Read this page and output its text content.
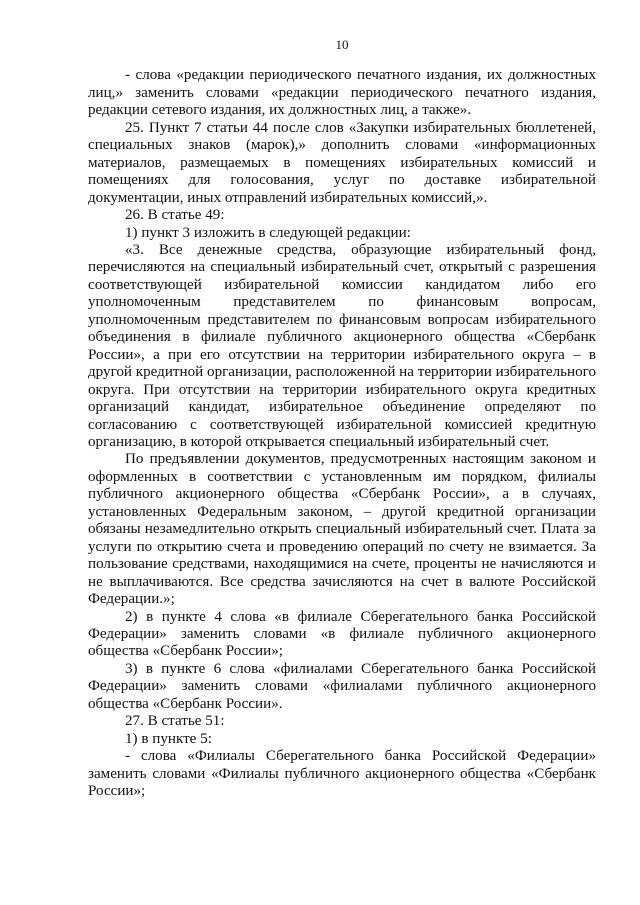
10

- слова «редакции периодического печатного издания, их должностных лиц,» заменить словами «редакции периодического печатного издания, редакции сетевого издания, их должностных лиц, а также».

25. Пункт 7 статьи 44 после слов «Закупки избирательных бюллетеней, специальных знаков (марок),» дополнить словами «информационных материалов, размещаемых в помещениях избирательных комиссий и помещениях для голосования, услуг по доставке избирательной документации, иных отправлений избирательных комиссий,».

26. В статье 49:

1) пункт 3 изложить в следующей редакции:

«3. Все денежные средства, образующие избирательный фонд, перечисляются на специальный избирательный счет, открытый с разрешения соответствующей избирательной комиссии кандидатом либо его уполномоченным представителем по финансовым вопросам, уполномоченным представителем по финансовым вопросам избирательного объединения в филиале публичного акционерного общества «Сбербанк России», а при его отсутствии на территории избирательного округа – в другой кредитной организации, расположенной на территории избирательного округа. При отсутствии на территории избирательного округа кредитных организаций кандидат, избирательное объединение определяют по согласованию с соответствующей избирательной комиссией кредитную организацию, в которой открывается специальный избирательный счет.

По предъявлении документов, предусмотренных настоящим законом и оформленных в соответствии с установленным им порядком, филиалы публичного акционерного общества «Сбербанк России», а в случаях, установленных Федеральным законом, – другой кредитной организации обязаны незамедлительно открыть специальный избирательный счет. Плата за услуги по открытию счета и проведению операций по счету не взимается. За пользование средствами, находящимися на счете, проценты не начисляются и не выплачиваются. Все средства зачисляются на счет в валюте Российской Федерации.»;

2) в пункте 4 слова «в филиале Сберегательного банка Российской Федерации» заменить словами «в филиале публичного акционерного общества «Сбербанк России»;

3) в пункте 6 слова «филиалами Сберегательного банка Российской Федерации» заменить словами «филиалами публичного акционерного общества «Сбербанк России».

27. В статье 51:

1) в пункте 5:

- слова «Филиалы Сберегательного банка Российской Федерации» заменить словами «Филиалы публичного акционерного общества «Сбербанк России»;
